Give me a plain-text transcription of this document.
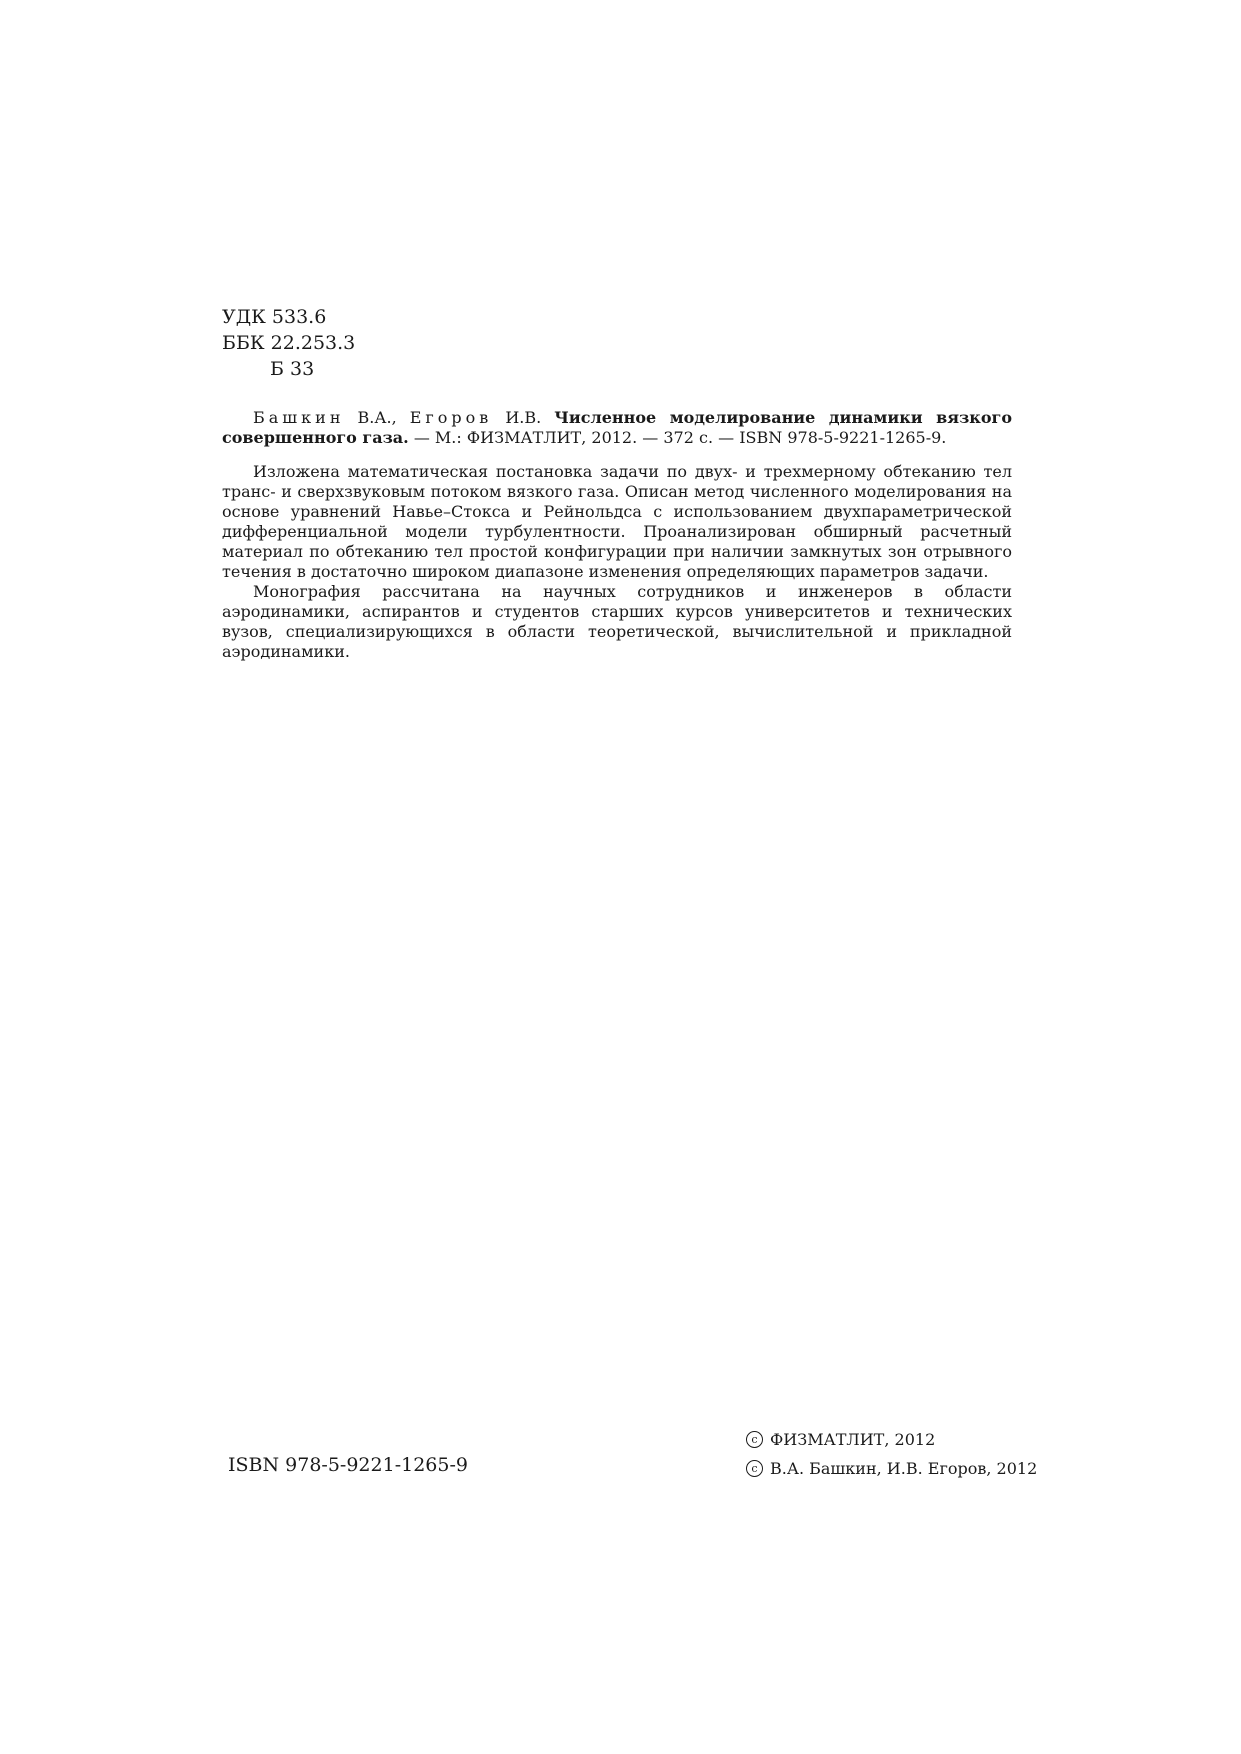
УДК 533.6
ББК 22.253.3
Б 33

Башкин В.А., Егоров И.В. Численное моделирование динамики вязкого совершенного газа. — М.: ФИЗМАТЛИТ, 2012. — 372 с. — ISBN 978-5-9221-1265-9.

Изложена математическая постановка задачи по двух- и трехмерному обтеканию тел транс- и сверхзвуковым потоком вязкого газа. Описан метод численного моделирования на основе уравнений Навье–Стокса и Рейнольдса с использованием двухпараметрической дифференциальной модели турбулентности. Проанализирован обширный расчетный материал по обтеканию тел простой конфигурации при наличии замкнутых зон отрывного течения в достаточно широком диапазоне изменения определяющих параметров задачи.

Монография рассчитана на научных сотрудников и инженеров в области аэродинамики, аспирантов и студентов старших курсов университетов и технических вузов, специализирующихся в области теоретической, вычислительной и прикладной аэродинамики.

ISBN 978-5-9221-1265-9
c ФИЗМАТЛИТ, 2012
c В.А. Башкин, И.В. Егоров, 2012
